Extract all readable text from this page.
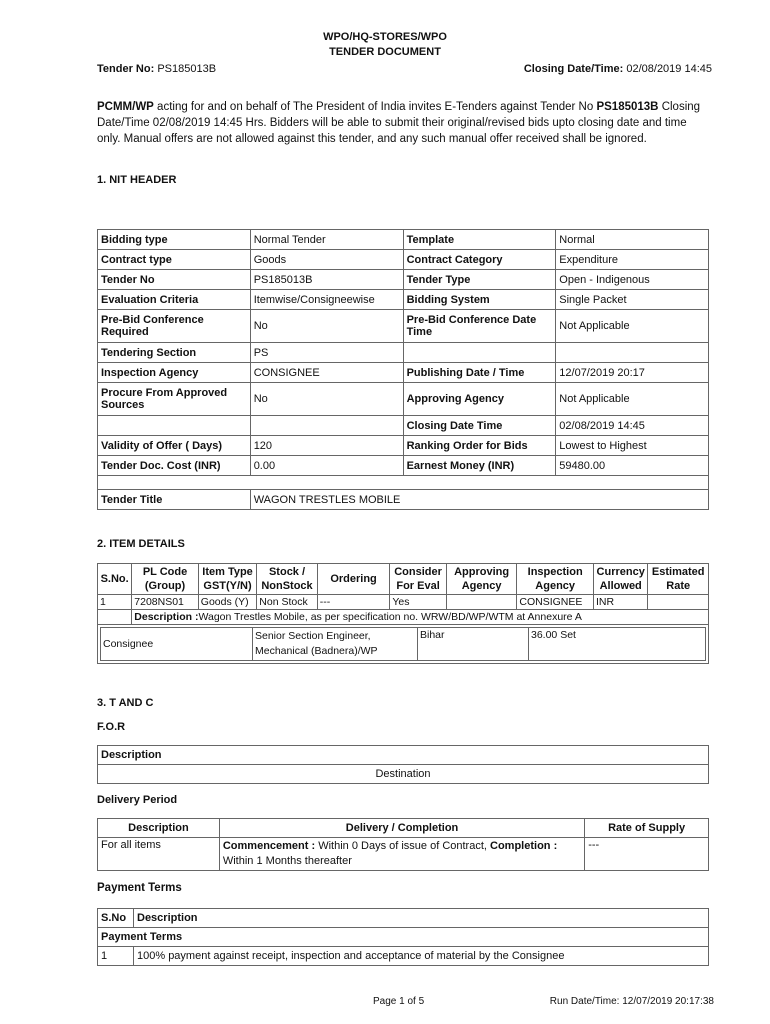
WPO/HQ-STORES/WPO
TENDER DOCUMENT
Tender No: PS185013B	Closing Date/Time: 02/08/2019 14:45
PCMM/WP acting for and on behalf of The President of India invites E-Tenders against Tender No PS185013B Closing Date/Time 02/08/2019 14:45 Hrs. Bidders will be able to submit their original/revised bids upto closing date and time only. Manual offers are not allowed against this tender, and any such manual offer received shall be ignored.
1. NIT HEADER
Bidding type	Normal Tender	Template	Normal
Contract type	Goods	Contract Category	Expenditure
Tender No	PS185013B	Tender Type	Open - Indigenous
Evaluation Criteria	Itemwise/Consigneewise	Bidding System	Single Packet
Pre-Bid Conference Required	No	Pre-Bid Conference Date Time	Not Applicable
Tendering Section	PS		
Inspection Agency	CONSIGNEE	Publishing Date / Time	12/07/2019 20:17
Procure From Approved Sources	No	Approving Agency	Not Applicable
		Closing Date Time	02/08/2019 14:45
Validity of Offer ( Days)	120	Ranking Order for Bids	Lowest to Highest
Tender Doc. Cost (INR)	0.00	Earnest Money (INR)	59480.00

Tender Title	WAGON TRESTLES MOBILE		
2. ITEM DETAILS
S.No.	PL Code (Group)	Item Type GST(Y/N)	Stock / NonStock	Ordering	Consider For Eval	Approving Agency	Inspection Agency	Currency Allowed	Estimated Rate
1	7208NS01	Goods (Y)	Non Stock	---	Yes		CONSIGNEE	INR	
	Description :Wagon Trestles Mobile, as per specification no. WRW/BD/WP/WTM at Annexure A

Consignee	Senior Section Engineer, Mechanical (Badnera)/WP	Bihar	36.00 Set
3. T AND C
F.O.R
Description
Destination
Delivery Period
Description	Delivery / Completion	Rate of Supply
For all items	Commencement : Within 0 Days of issue of Contract, Completion : Within 1 Months thereafter	---
Payment Terms
S.No	Description
Payment Terms	
1	100% payment against receipt, inspection and acceptance of material by the Consignee
Page 1 of 5	Run Date/Time: 12/07/2019 20:17:38
